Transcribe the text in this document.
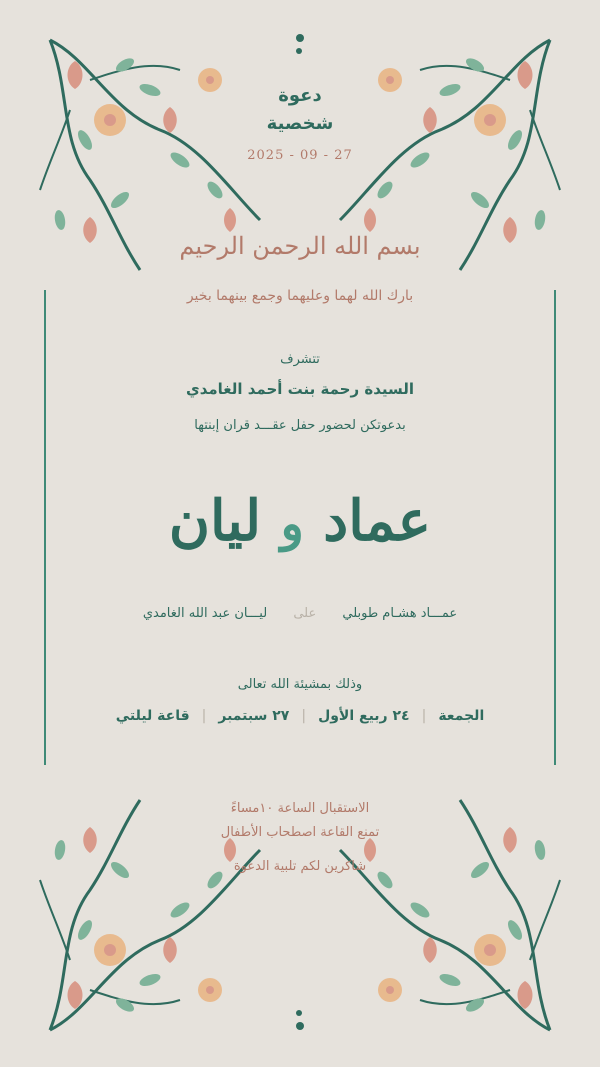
دعوة
شخصية
2025 - 09 - 27
بسم الله الرحمن الرحيم
بارك الله لهما وعليهما وجمع بينهما بخير
تتشرف
السيدة رحمة بنت أحمد الغامدي
بدعوتكن لحضور حفل عقـــد قران إبنتها
عماد و ليان
عمـــاد هشـام طوبلي على ليـــان عبد الله الغامدي
وذلك بمشيئة الله تعالى
الجمعة|٢٤ ربيع الأول|٢٧ سبتمبر|قاعة ليلتي
الاستقبال الساعة ١٠مساءً
تمنع القاعة اصطحاب الأطفال
شاكرين لكم تلبية الدعوة
